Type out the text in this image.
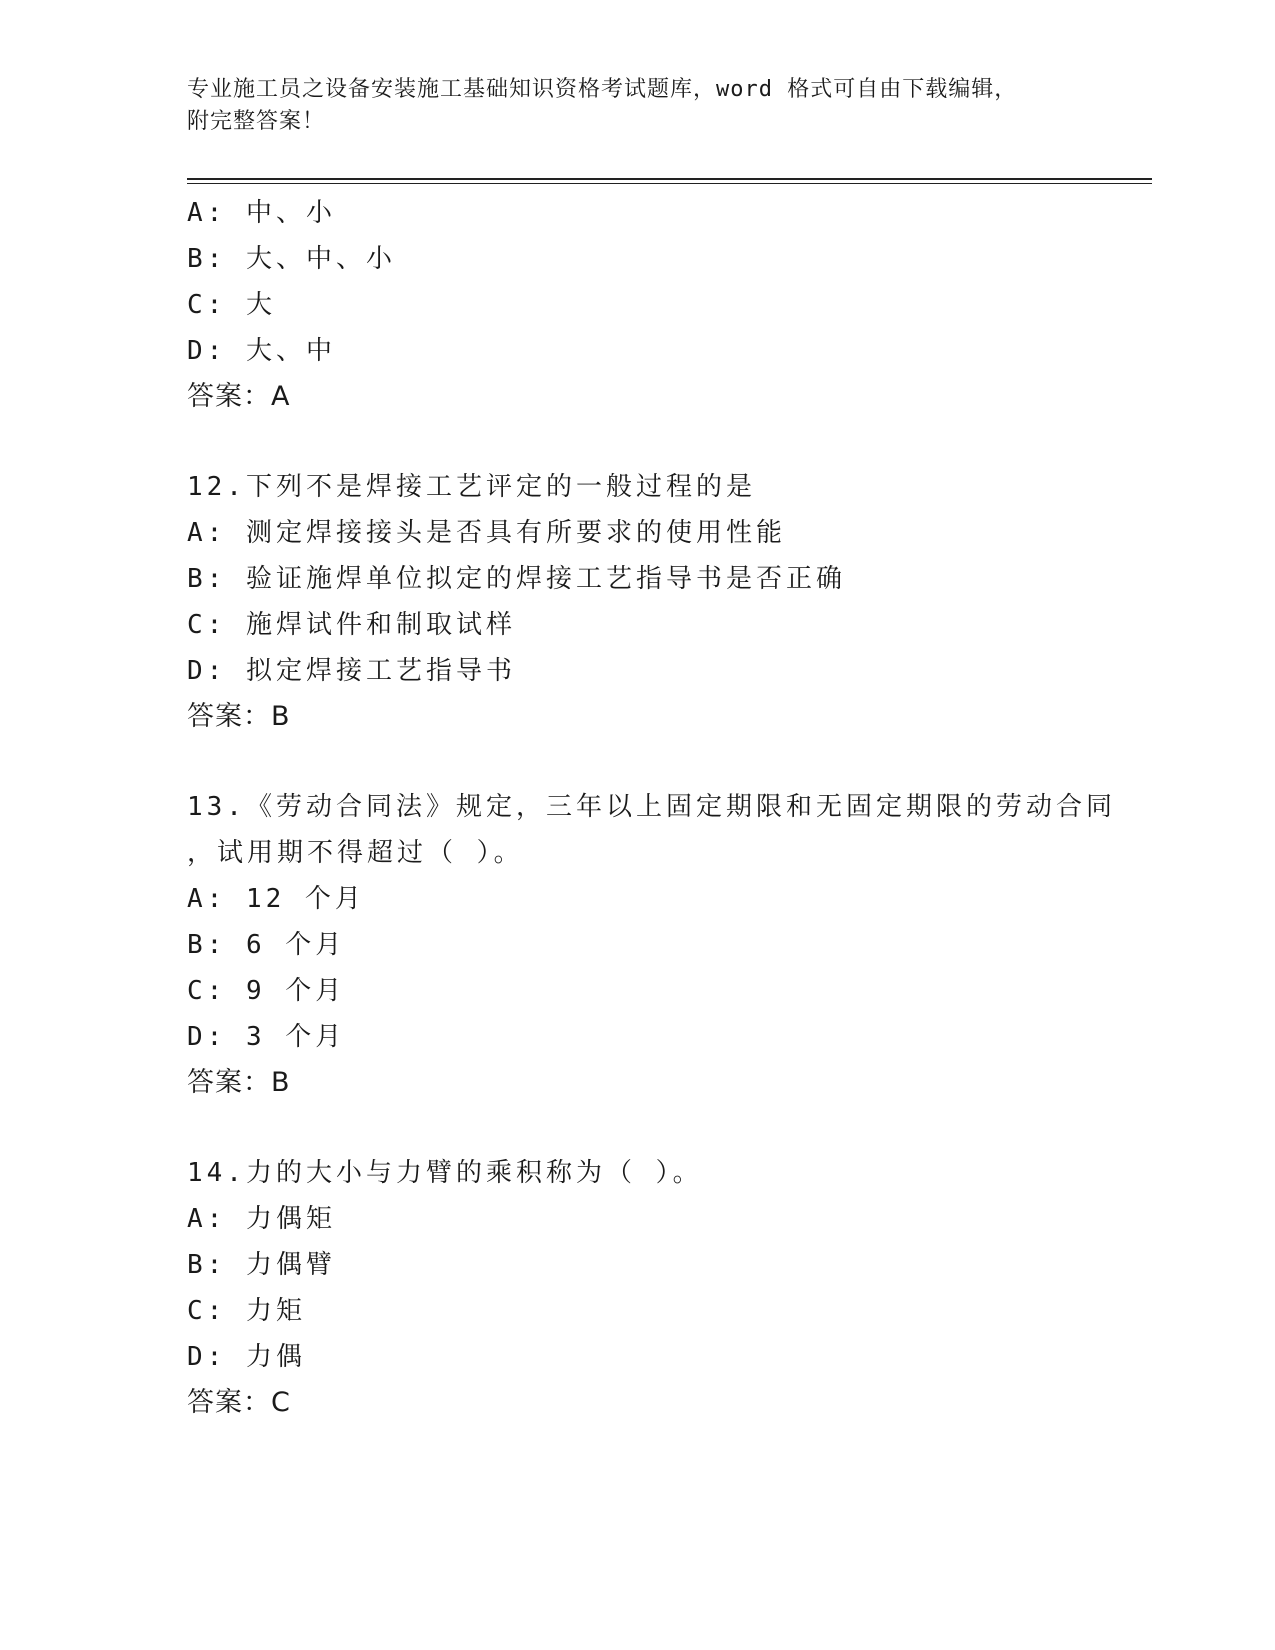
专业施工员之设备安装施工基础知识资格考试题库，word 格式可自由下载编辑，
附完整答案！
A: 中、小
B: 大、中、小
C: 大
D: 大、中
答案：A
12.下列不是焊接工艺评定的一般过程的是
A: 测定焊接接头是否具有所要求的使用性能
B: 验证施焊单位拟定的焊接工艺指导书是否正确
C: 施焊试件和制取试样
D: 拟定焊接工艺指导书
答案：B
13.《劳动合同法》规定，三年以上固定期限和无固定期限的劳动合同
，试用期不得超过（ ）。
A: 12 个月
B: 6 个月
C: 9 个月
D: 3 个月
答案：B
14.力的大小与力臂的乘积称为（ ）。
A: 力偶矩
B: 力偶臂
C: 力矩
D: 力偶
答案：C
